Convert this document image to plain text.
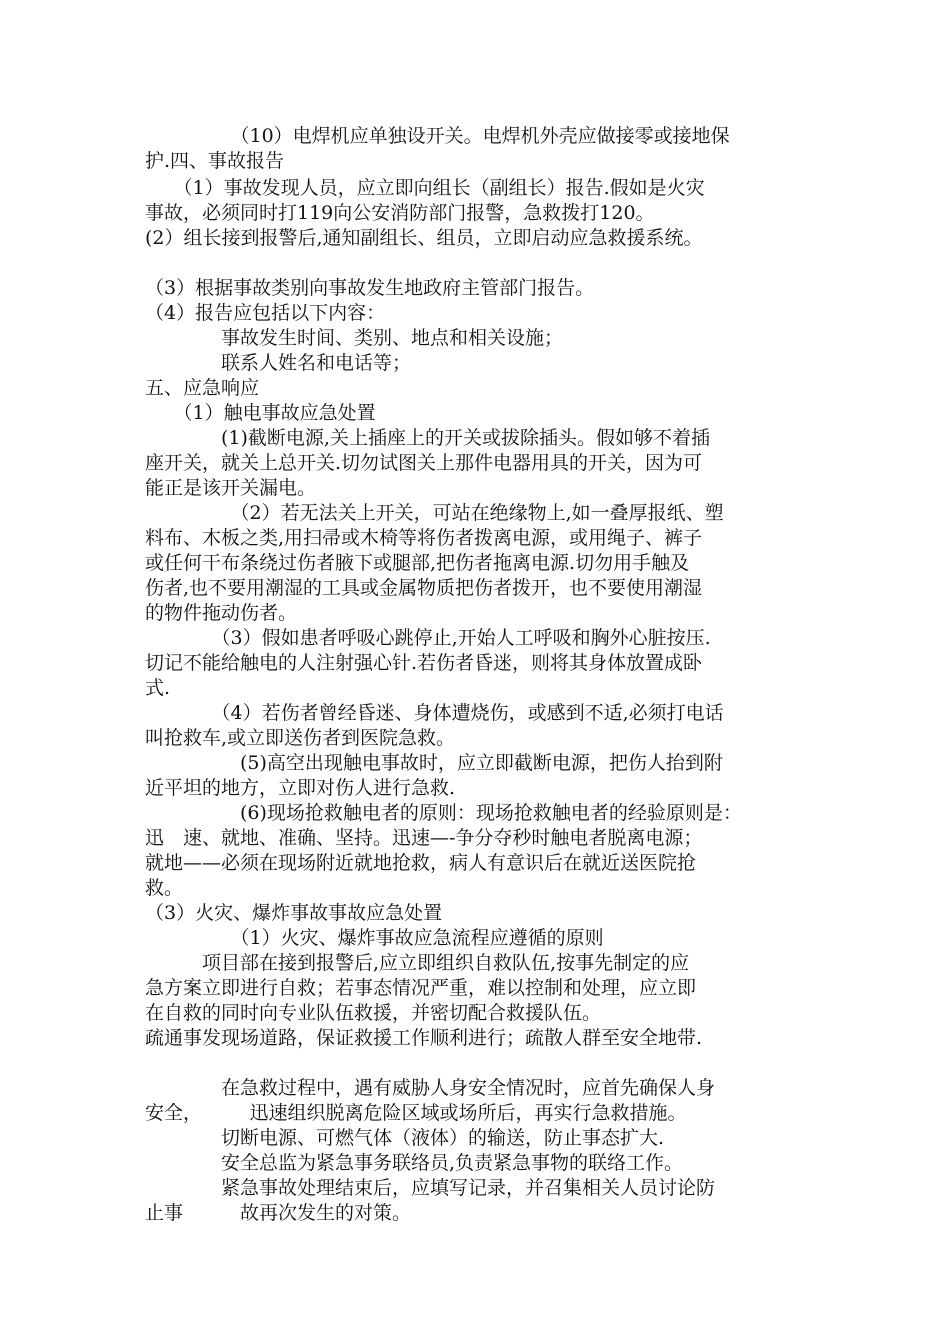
　　　　　（10）电焊机应单独设开关。电焊机外壳应做接零或接地保
护.四、事故报告
　　（1）事故发现人员，应立即向组长（副组长）报告.假如是火灾
事故，必须同时打119向公安消防部门报警，急救拨打120。
(2）组长接到报警后,通知副组长、组员，立即启动应急救援系统。
（3）根据事故类别向事故发生地政府主管部门报告。
（4）报告应包括以下内容：
　　　　事故发生时间、类别、地点和相关设施；
　　　　联系人姓名和电话等；
五、应急响应
　　（1）触电事故应急处置
　　　　(1)截断电源,关上插座上的开关或拔除插头。假如够不着插
座开关，就关上总开关.切勿试图关上那件电器用具的开关，因为可
能正是该开关漏电。
　　　　　（2）若无法关上开关，可站在绝缘物上,如一叠厚报纸、塑
料布、木板之类,用扫帚或木椅等将伤者拨离电源，或用绳子、裤子
或任何干布条绕过伤者腋下或腿部,把伤者拖离电源.切勿用手触及
伤者,也不要用潮湿的工具或金属物质把伤者拨开，也不要使用潮湿
的物件拖动伤者。
　　　　（3）假如患者呼吸心跳停止,开始人工呼吸和胸外心脏按压.
切记不能给触电的人注射强心针.若伤者昏迷，则将其身体放置成卧
式.
　　　　（4）若伤者曾经昏迷、身体遭烧伤，或感到不适,必须打电话
叫抢救车,或立即送伤者到医院急救。
　　　　　(5)高空出现触电事故时，应立即截断电源，把伤人抬到附
近平坦的地方，立即对伤人进行急救.
　　　　　(6)现场抢救触电者的原则：现场抢救触电者的经验原则是：
迅　速、就地、准确、坚持。迅速—-争分夺秒时触电者脱离电源；
就地——必须在现场附近就地抢救，病人有意识后在就近送医院抢
救。
（3）火灾、爆炸事故事故应急处置
　　　　　（1）火灾、爆炸事故应急流程应遵循的原则
　　　项目部在接到报警后,应立即组织自救队伍,按事先制定的应
急方案立即进行自救；若事态情况严重，难以控制和处理，应立即
在自救的同时向专业队伍救援，并密切配合救援队伍。
疏通事发现场道路，保证救援工作顺利进行；疏散人群至安全地带.
　　　　在急救过程中，遇有威胁人身安全情况时，应首先确保人身
安全，　　　迅速组织脱离危险区域或场所后，再实行急救措施。
　　　　切断电源、可燃气体（液体）的输送，防止事态扩大.
　　　　安全总监为紧急事务联络员,负责紧急事物的联络工作。
　　　　紧急事故处理结束后，应填写记录，并召集相关人员讨论防
止事　　　故再次发生的对策。
